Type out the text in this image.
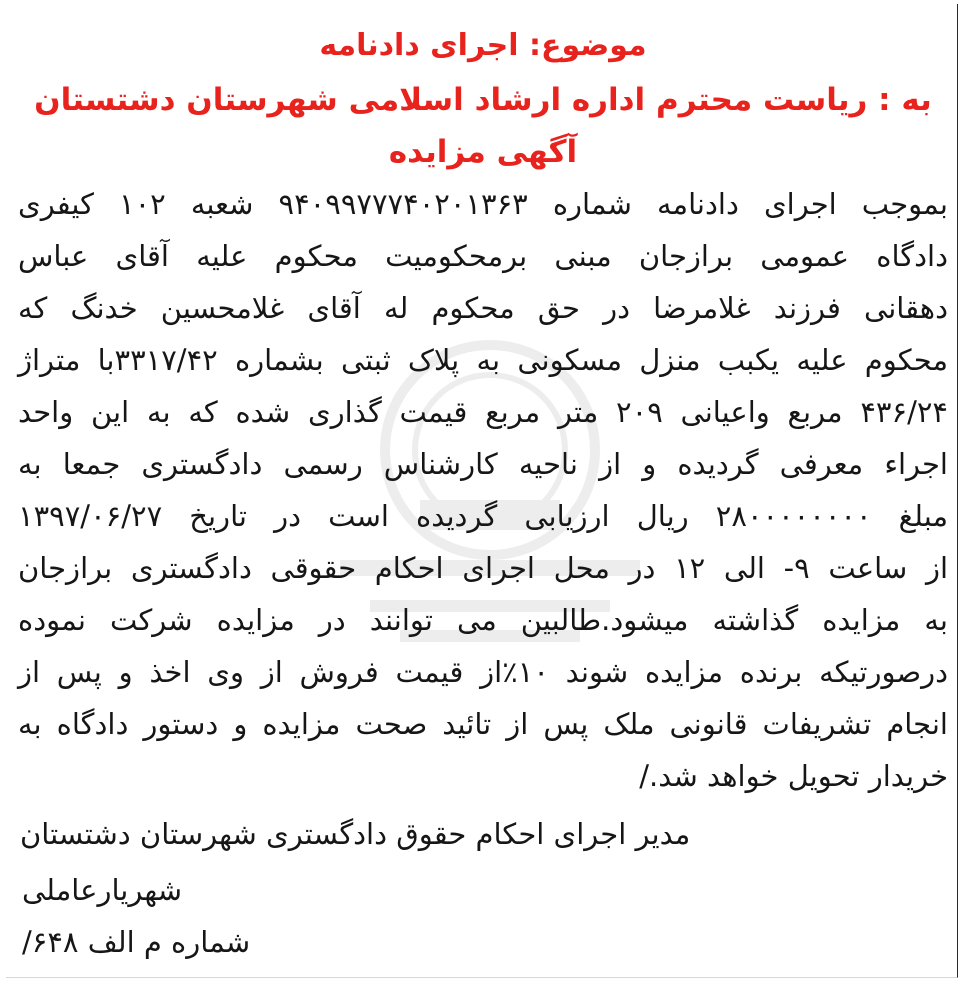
موضوع: اجرای دادنامه
به : ریاست محترم اداره ارشاد اسلامی شهرستان دشتستان
آگهی مزایده
بموجب اجرای دادنامه شماره ۹۴۰۹۹۷۷۷۴۰۲۰۱۳۶۳ شعبه ۱۰۲ کیفری
دادگاه عمومی برازجان مبنی برمحکومیت محکوم علیه آقای عباس
دهقانی فرزند غلامرضا در حق محکوم له آقای غلامحسین خدنگ که
محکوم علیه یکبب منزل مسکونی به پلاک ثبتی بشماره ۳۳۱۷/۴۲با متراژ
۴۳۶/۲۴ مربع واعیانی ۲۰۹ متر مربع قیمت گذاری شده که به این واحد
اجراء معرفی گردیده و از ناحیه کارشناس رسمی دادگستری جمعا به
مبلغ ۲۸۰۰۰۰۰۰۰۰ ریال ارزیابی گردیده است در تاریخ ۱۳۹۷/۰۶/۲۷
از ساعت ۹- الی ۱۲ در محل اجرای احکام حقوقی دادگستری برازجان
به مزایده گذاشته میشود.طالبین می توانند در مزایده شرکت نموده
درصورتیکه برنده مزایده شوند ۱۰٪از قیمت فروش از وی اخذ و پس از
انجام تشریفات قانونی ملک پس از تائید صحت مزایده و دستور دادگاه به
خریدار تحویل خواهد شد./
مدیر اجرای احکام حقوق دادگستری شهرستان دشتستان
شهریارعاملی
شماره م الف ۶۴۸/
